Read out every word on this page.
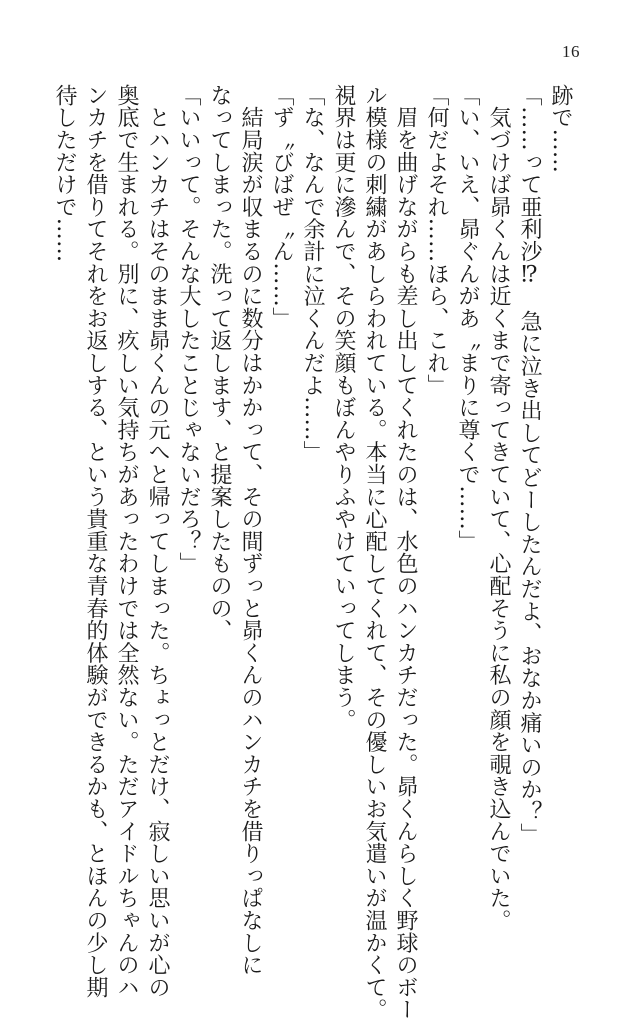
16
跡で……
「……って亜利沙⁉　急に泣き出してどーしたんだよ、おなか痛いのか？」
　気づけば昴くんは近くまで寄ってきていて、心配そうに私の顔を覗き込んでいた。
「い、いえ、昴ぐんがあ〝まりに尊くで……」
「何だよそれ……ほら、これ」
　眉を曲げながらも差し出してくれたのは、水色のハンカチだった。昴くんらしく野球のボー
ル模様の刺繍があしらわれている。本当に心配してくれて、その優しいお気遣いが温かくて。
視界は更に滲んで、その笑顔もぼんやりふやけていってしまう。
「な、なんで余計に泣くんだよ……」
「ず〝びばぜ〝ん……」
　結局涙が収まるのに数分はかかって、その間ずっと昴くんのハンカチを借りっぱなしに
なってしまった。洗って返します、と提案したものの、
「いいって。そんな大したことじゃないだろ？」
　とハンカチはそのまま昴くんの元へと帰ってしまった。ちょっとだけ、寂しい思いが心の
奥底で生まれる。別に、疚しい気持ちがあったわけでは全然ない。ただアイドルちゃんのハ
ンカチを借りてそれをお返しする、という貴重な青春的体験ができるかも、とほんの少し期
待しただけで……
